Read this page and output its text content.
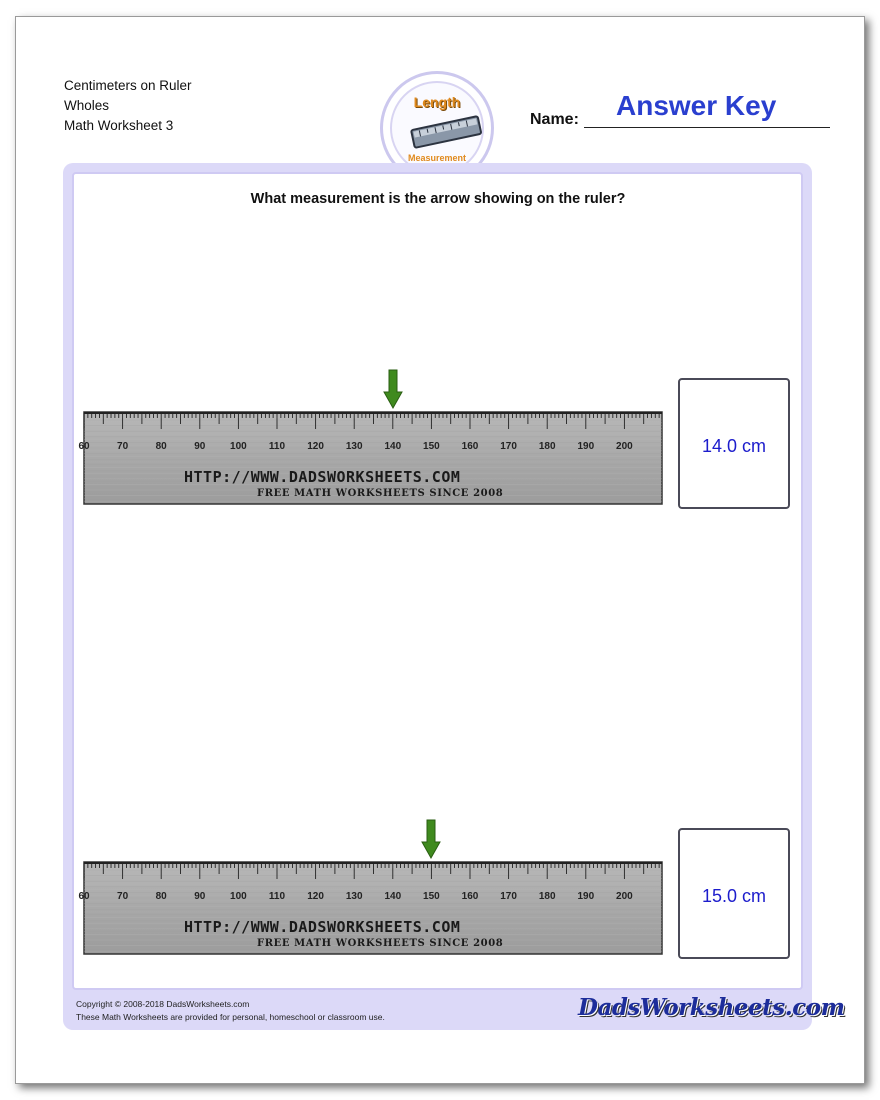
Centimeters on Ruler
Wholes
Math Worksheet 3
Length
Measurement
Name: Answer Key
What measurement is the arrow showing on the ruler?
60	70	80	90 100 110 120 130 140 150 160 170 180 190 200
HTTP://WWW.DADSWORKSHEETS.COM
FREE MATH WORKSHEETS SINCE 2008
14.0 cm
60	70	80	90 100 110 120 130 140 150 160 170 180 190 200
HTTP://WWW.DADSWORKSHEETS.COM
FREE MATH WORKSHEETS SINCE 2008
15.0 cm
Copyright © 2008-2018 DadsWorksheets.com
These Math Worksheets are provided for personal, homeschool or classroom use.	DadsWorksheets.com
